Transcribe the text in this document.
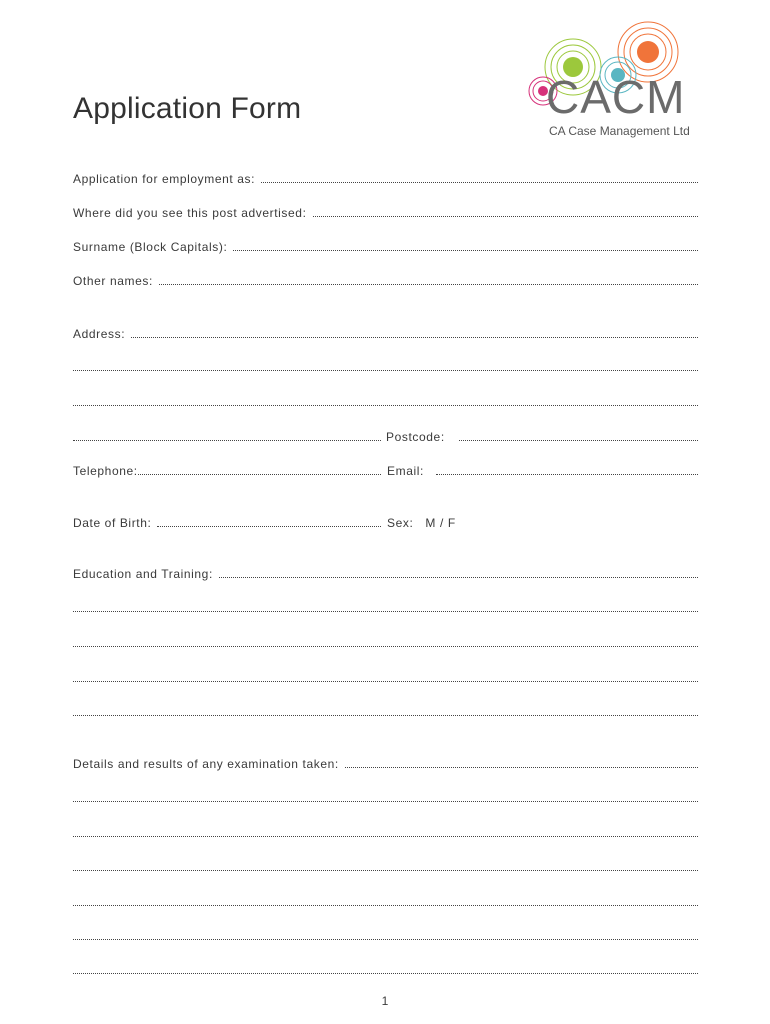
CACM
CA Case Management Ltd
Application Form
Application for employment as:
Where did you see this post advertised:
Surname (Block Capitals):
Other names:
Address:
Postcode:
Telephone:	Email:
Date of Birth:	Sex: M / F
Education and Training:
Details and results of any examination taken:
1
